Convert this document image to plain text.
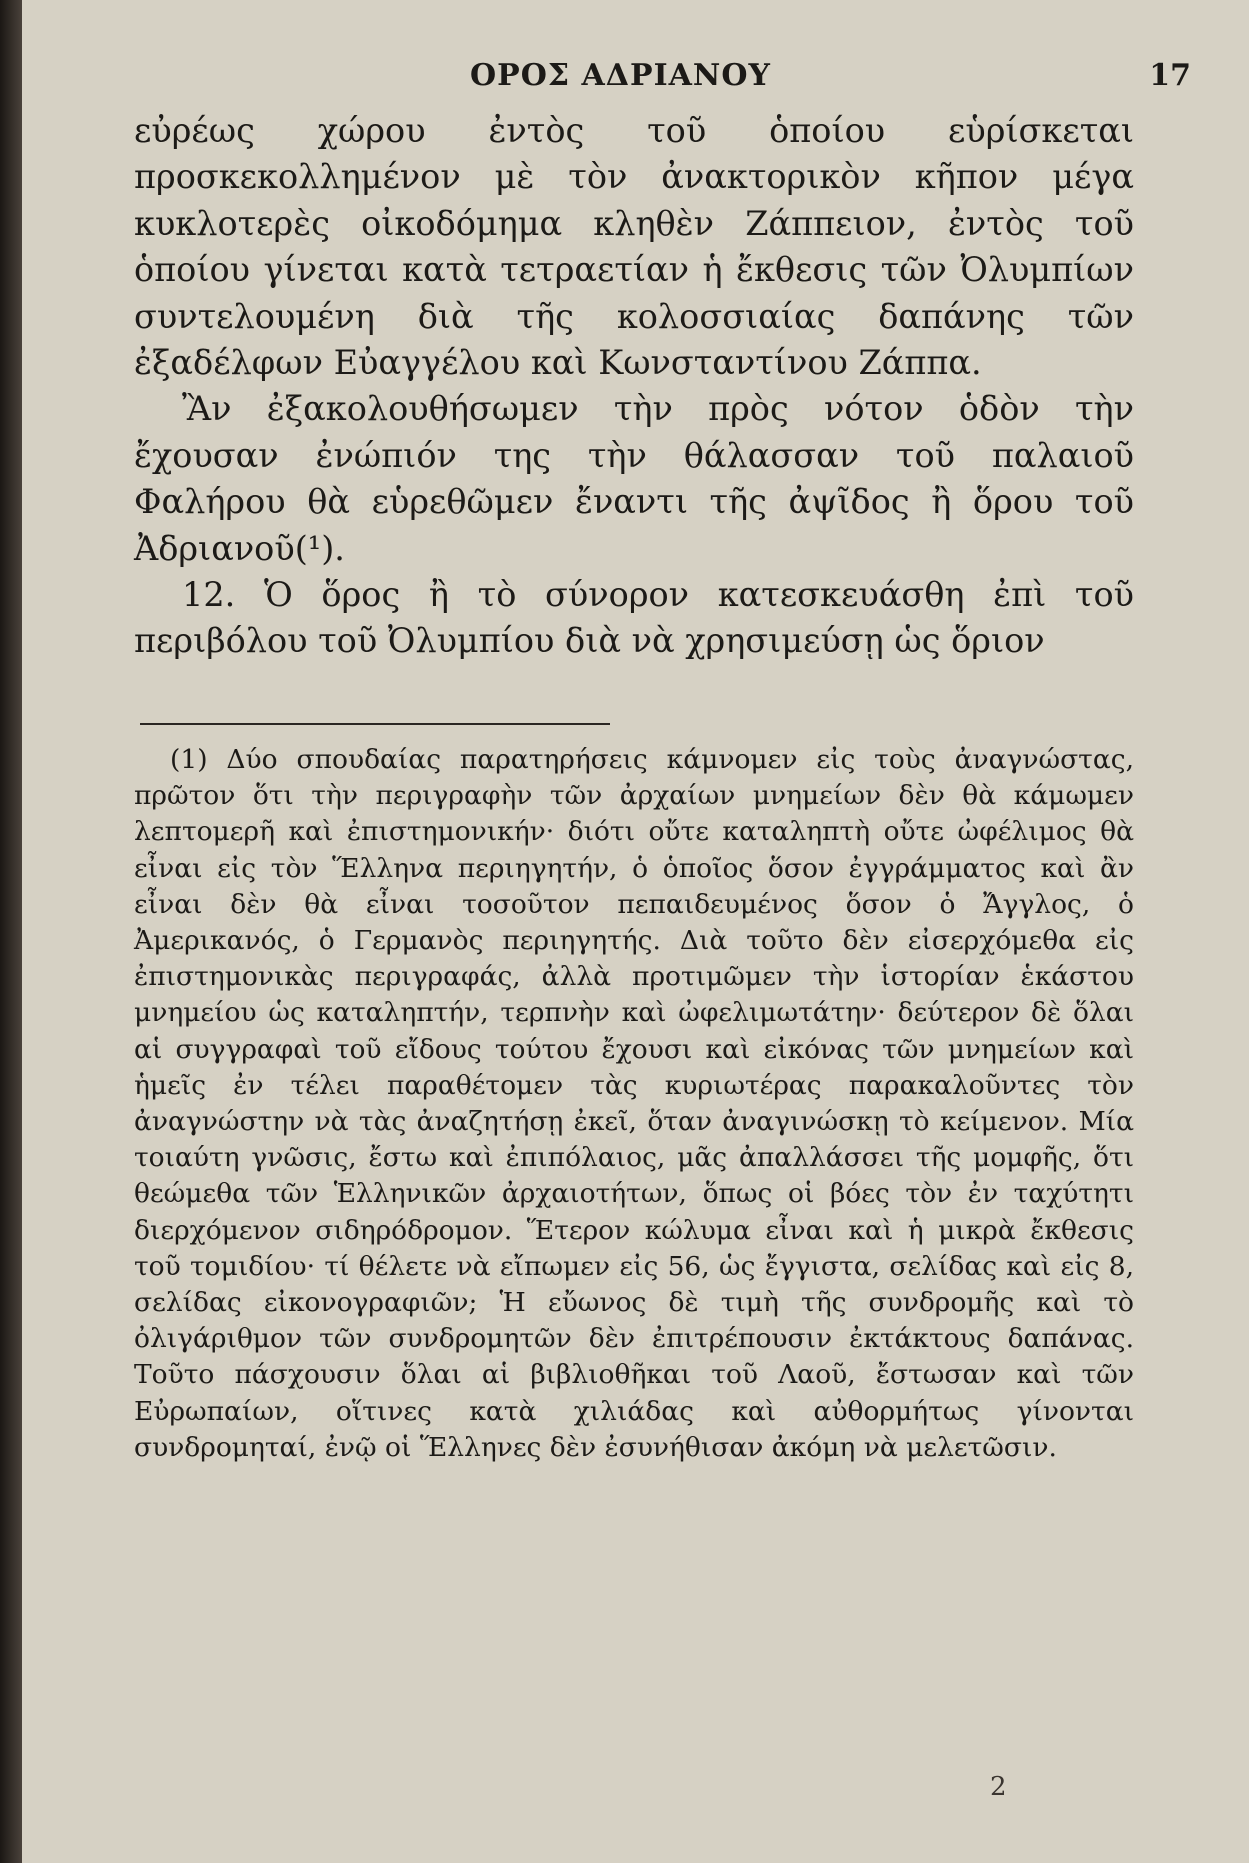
ΟΡΟΣ ΑΔΡΙΑΝΟΥ	17

εὐρέως χώρου ἐντὸς τοῦ ὁποίου εὑρίσκεται προσκεκολλημένον μὲ τὸν ἀνακτορικὸν κῆπον μέγα κυκλοτερὲς οἰκοδόμημα κληθὲν Ζάππειον, ἐντὸς τοῦ ὁποίου γίνεται κατὰ τετραετίαν ἡ ἔκθεσις τῶν Ὀλυμπίων συντελουμένη διὰ τῆς κολοσσιαίας δαπάνης τῶν ἐξαδέλφων Εὐαγγέλου καὶ Κωνσταντίνου Ζάππα.

Ἂν ἐξακολουθήσωμεν τὴν πρὸς νότον ὁδὸν τὴν ἔχουσαν ἐνώπιόν της τὴν θάλασσαν τοῦ παλαιοῦ Φαλήρου θὰ εὑρεθῶμεν ἔναντι τῆς ἀψῖδος ἢ ὅρου τοῦ Ἀδριανοῦ(¹).

12. Ὁ ὅρος ἢ τὸ σύνορον κατεσκευάσθη ἐπὶ τοῦ περιβόλου τοῦ Ὀλυμπίου διὰ νὰ χρησιμεύσῃ ὡς ὅριον

(1) Δύο σπουδαίας παρατηρήσεις κάμνομεν εἰς τοὺς ἀναγνώστας, πρῶτον ὅτι τὴν περιγραφὴν τῶν ἀρχαίων μνημείων δὲν θὰ κάμωμεν λεπτομερῆ καὶ ἐπιστημονικήν· διότι οὔτε καταληπτὴ οὔτε ὠφέλιμος θὰ εἶναι εἰς τὸν Ἕλληνα περιηγητήν, ὁ ὁποῖος ὅσον ἐγγράμματος καὶ ἂν εἶναι δὲν θὰ εἶναι τοσοῦτον πεπαιδευμένος ὅσον ὁ Ἄγγλος, ὁ Ἀμερικανός, ὁ Γερμανὸς περιηγητής. Διὰ τοῦτο δὲν εἰσερχόμεθα εἰς ἐπιστημονικὰς περιγραφάς, ἀλλὰ προτιμῶμεν τὴν ἱστορίαν ἑκάστου μνημείου ὡς καταληπτήν, τερπνὴν καὶ ὠφελιμωτάτην· δεύτερον δὲ ὅλαι αἱ συγγραφαὶ τοῦ εἴδους τούτου ἔχουσι καὶ εἰκόνας τῶν μνημείων καὶ ἡμεῖς ἐν τέλει παραθέτομεν τὰς κυριωτέρας παρακαλοῦντες τὸν ἀναγνώστην νὰ τὰς ἀναζητήσῃ ἐκεῖ, ὅταν ἀναγινώσκῃ τὸ κείμενον. Μία τοιαύτη γνῶσις, ἔστω καὶ ἐπιπόλαιος, μᾶς ἀπαλλάσσει τῆς μομφῆς, ὅτι θεώμεθα τῶν Ἑλληνικῶν ἀρχαιοτήτων, ὅπως οἱ βόες τὸν ἐν ταχύτητι διερχόμενον σιδηρόδρομον. Ἕτερον κώλυμα εἶναι καὶ ἡ μικρὰ ἔκθεσις τοῦ τομιδίου· τί θέλετε νὰ εἴπωμεν εἰς 56, ὡς ἔγγιστα, σελίδας καὶ εἰς 8, σελίδας εἰκονογραφιῶν; Ἡ εὔωνος δὲ τιμὴ τῆς συνδρομῆς καὶ τὸ ὀλιγάριθμον τῶν συνδρομητῶν δὲν ἐπιτρέπουσιν ἐκτάκτους δαπάνας. Τοῦτο πάσχουσιν ὅλαι αἱ βιβλιοθῆκαι τοῦ Λαοῦ, ἔστωσαν καὶ τῶν Εὐρωπαίων, οἵτινες κατὰ χιλιάδας καὶ αὐθορμήτως γίνονται συνδρομηταί, ἐνῷ οἱ Ἕλληνες δὲν ἐσυνήθισαν ἀκόμη νὰ μελετῶσιν.

2
